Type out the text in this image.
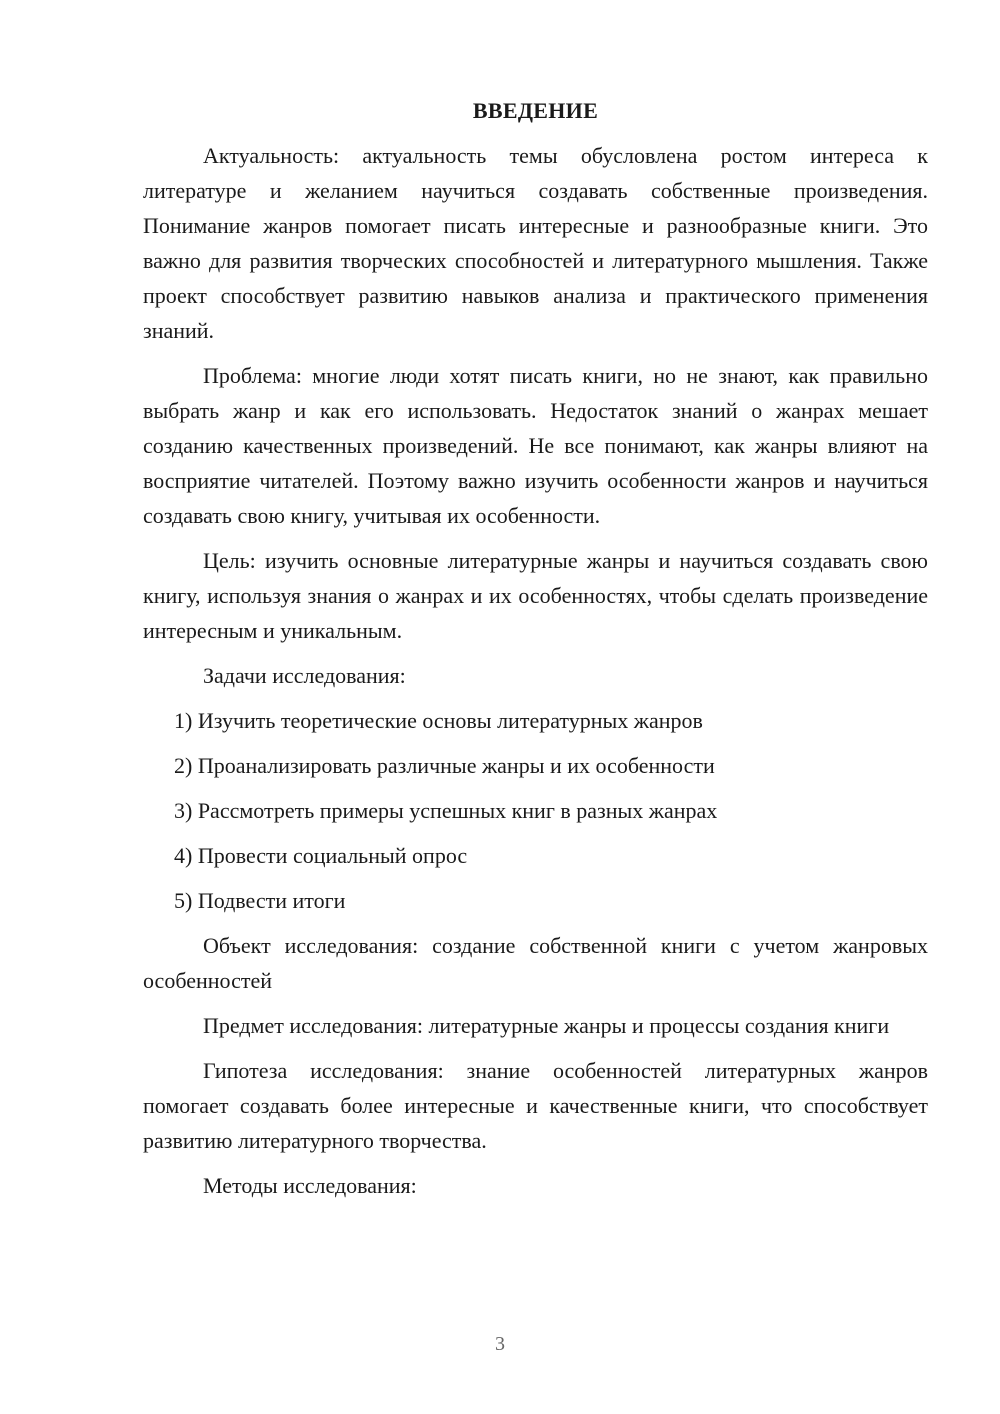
ВВЕДЕНИЕ

Актуальность: актуальность темы обусловлена ростом интереса к литературе и желанием научиться создавать собственные произведения. Понимание жанров помогает писать интересные и разнообразные книги. Это важно для развития творческих способностей и литературного мышления. Также проект способствует развитию навыков анализа и практического применения знаний.

Проблема: многие люди хотят писать книги, но не знают, как правильно выбрать жанр и как его использовать. Недостаток знаний о жанрах мешает созданию качественных произведений. Не все понимают, как жанры влияют на восприятие читателей. Поэтому важно изучить особенности жанров и научиться создавать свою книгу, учитывая их особенности.

Цель: изучить основные литературные жанры и научиться создавать свою книгу, используя знания о жанрах и их особенностях, чтобы сделать произведение интересным и уникальным.

Задачи исследования:

1) Изучить теоретические основы литературных жанров
2) Проанализировать различные жанры и их особенности
3) Рассмотреть примеры успешных книг в разных жанрах
4) Провести социальный опрос
5) Подвести итоги

Объект исследования: создание собственной книги с учетом жанровых особенностей

Предмет исследования: литературные жанры и процессы создания книги

Гипотеза исследования: знание особенностей литературных жанров помогает создавать более интересные и качественные книги, что способствует развитию литературного творчества.

Методы исследования:

3
